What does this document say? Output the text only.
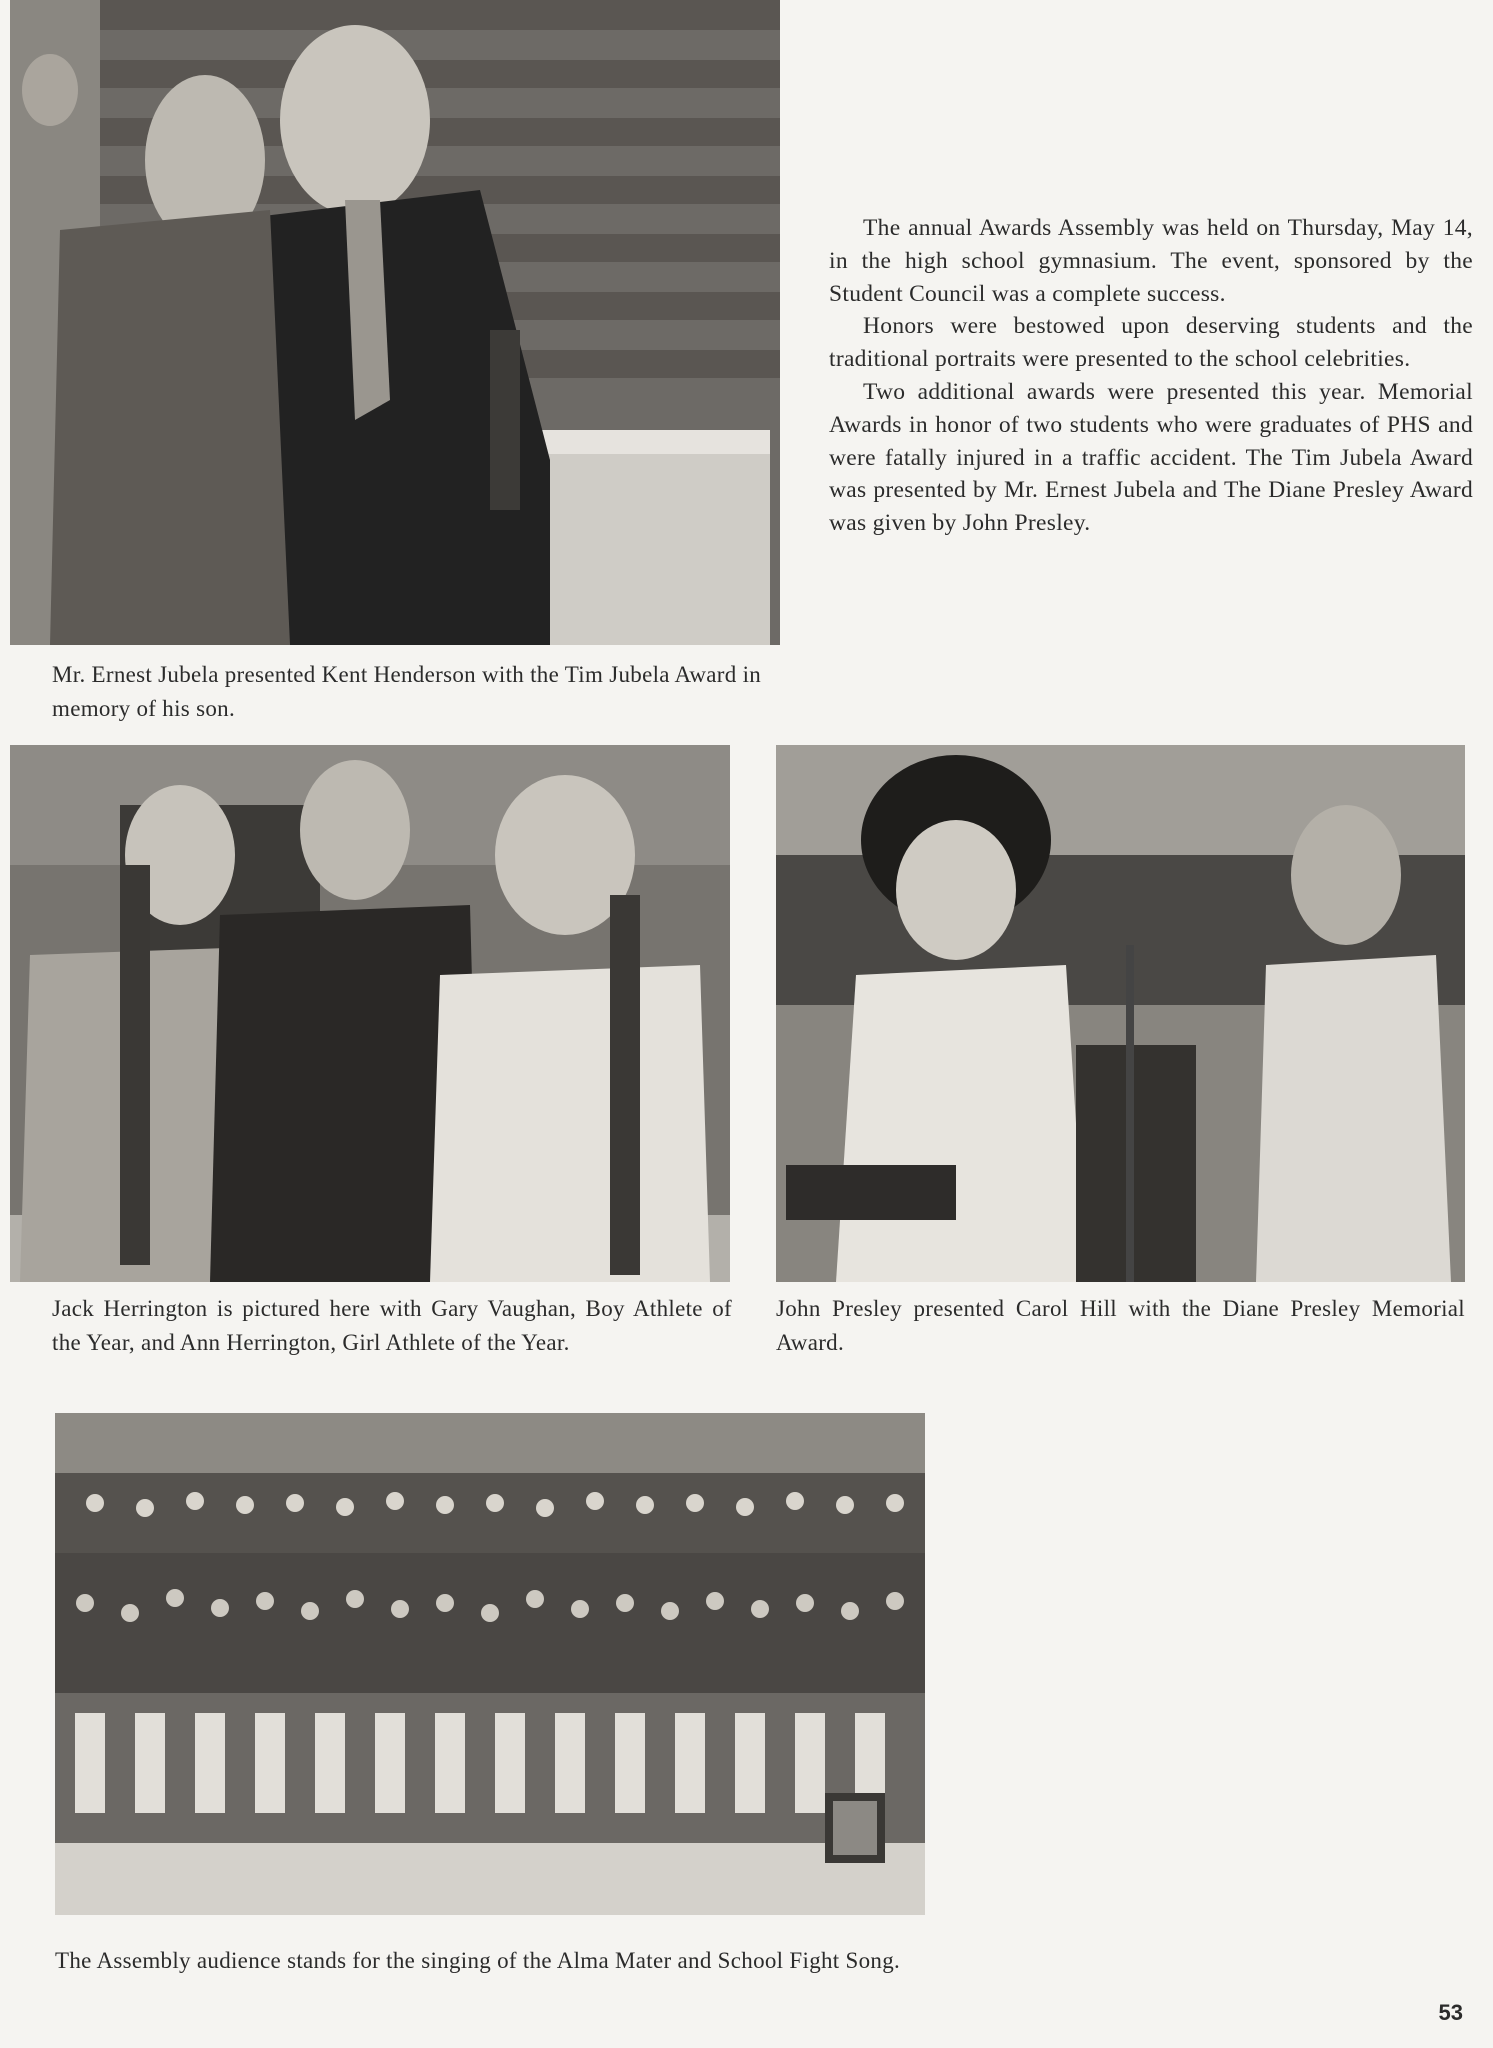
Mr. Ernest Jubela presented Kent Henderson with the Tim Jubela Award in memory of his son.

The annual Awards Assembly was held on Thursday, May 14, in the high school gymnasium. The event, sponsored by the Student Council was a complete success.

Honors were bestowed upon deserving students and the traditional portraits were presented to the school celebrities.

Two additional awards were presented this year. Memorial Awards in honor of two students who were graduates of PHS and were fatally injured in a traffic accident. The Tim Jubela Award was presented by Mr. Ernest Jubela and The Diane Presley Award was given by John Presley.

Jack Herrington is pictured here with Gary Vaughan, Boy Athlete of the Year, and Ann Herrington, Girl Athlete of the Year.

John Presley presented Carol Hill with the Diane Presley Memorial Award.

The Assembly audience stands for the singing of the Alma Mater and School Fight Song.

53
